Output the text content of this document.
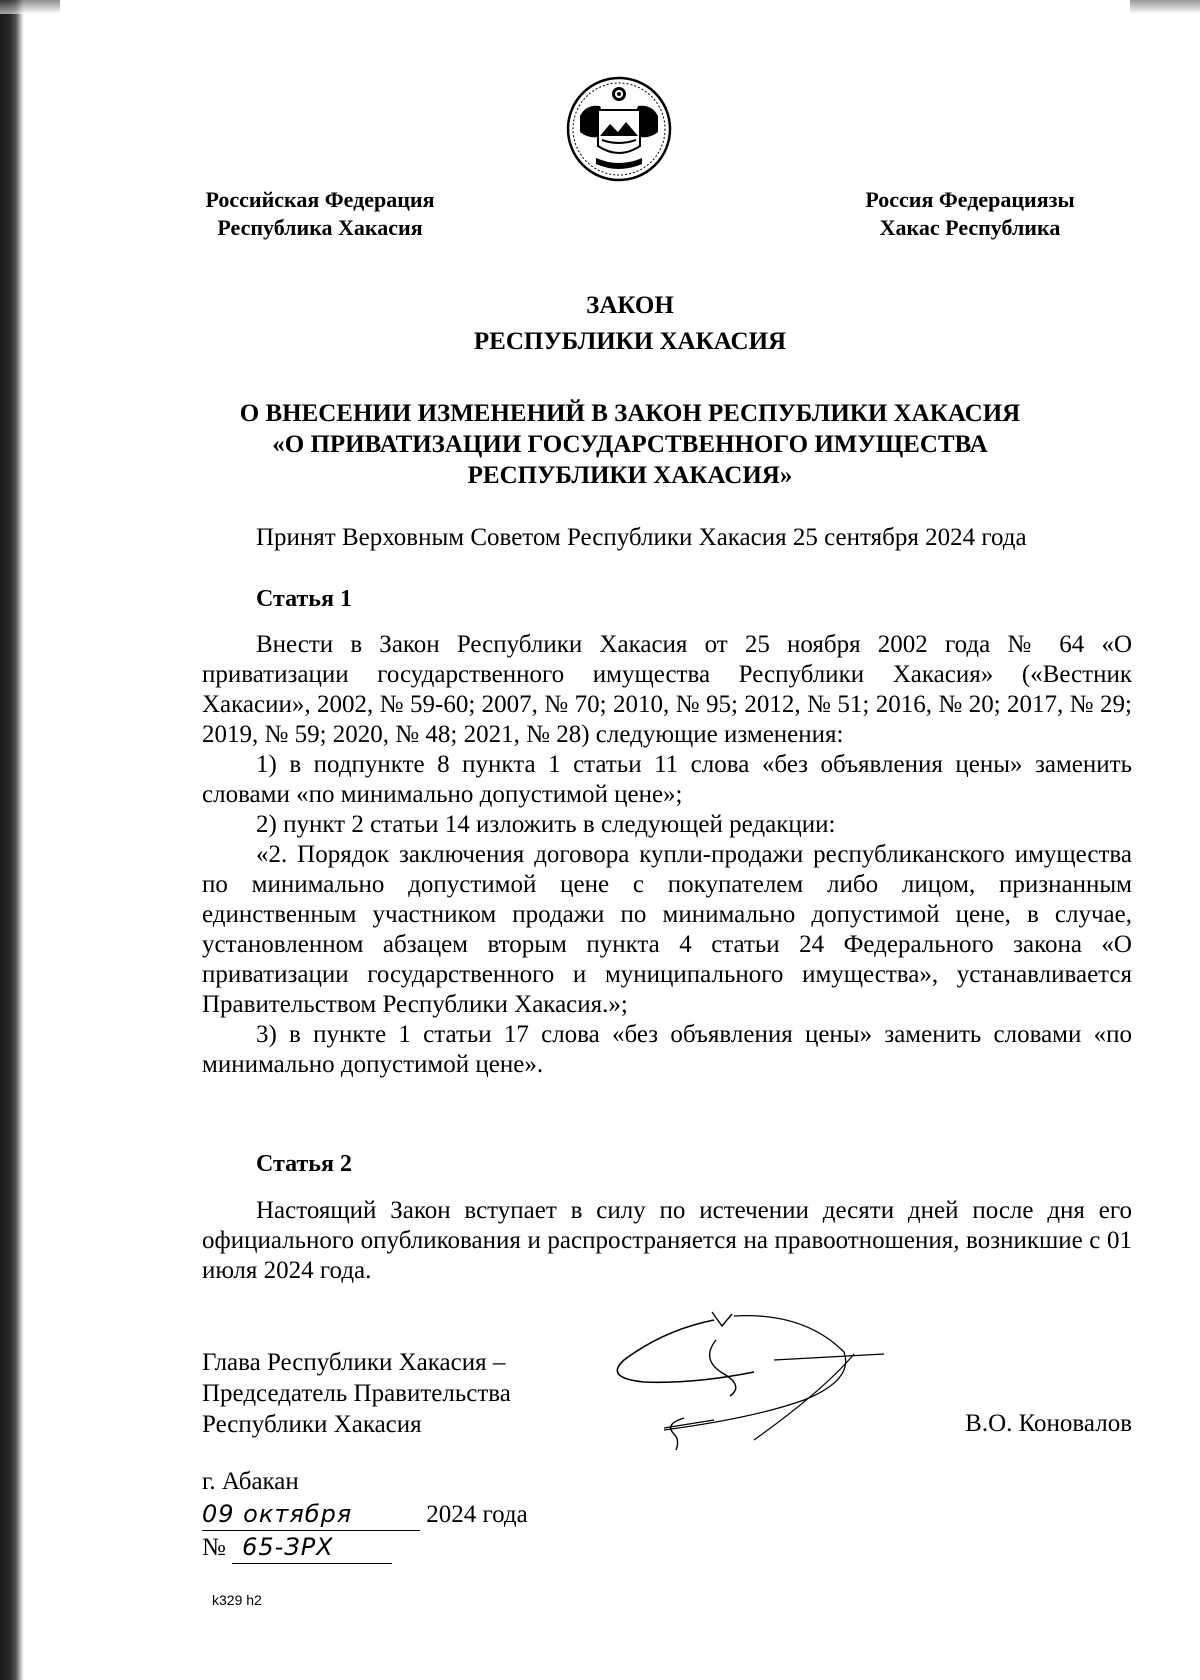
Российская Федерация
Республика Хакасия
Россия Федерациязы
Хакас Республика
ЗАКОН
РЕСПУБЛИКИ ХАКАСИЯ
О ВНЕСЕНИИ ИЗМЕНЕНИЙ В ЗАКОН РЕСПУБЛИКИ ХАКАСИЯ
«О ПРИВАТИЗАЦИИ ГОСУДАРСТВЕННОГО ИМУЩЕСТВА
РЕСПУБЛИКИ ХАКАСИЯ»
Принят Верховным Советом Республики Хакасия 25 сентября 2024 года
Статья 1

Внести в Закон Республики Хакасия от 25 ноября 2002 года № 64 «О приватизации государственного имущества Республики Хакасия» («Вестник Хакасии», 2002, № 59-60; 2007, № 70; 2010, № 95; 2012, № 51; 2016, № 20; 2017, № 29; 2019, № 59; 2020, № 48; 2021, № 28) следующие изменения:

1) в подпункте 8 пункта 1 статьи 11 слова «без объявления цены» заменить словами «по минимально допустимой цене»;

2) пункт 2 статьи 14 изложить в следующей редакции:

«2. Порядок заключения договора купли-продажи республиканского имущества по минимально допустимой цене с покупателем либо лицом, признанным единственным участником продажи по минимально допустимой цене, в случае, установленном абзацем вторым пункта 4 статьи 24 Федерального закона «О приватизации государственного и муниципального имущества», устанавливается Правительством Республики Хакасия.»;

3) в пункте 1 статьи 17 слова «без объявления цены» заменить словами «по минимально допустимой цене».

Статья 2

Настоящий Закон вступает в силу по истечении десяти дней после дня его официального опубликования и распространяется на правоотношения, возникшие с 01 июля 2024 года.

Глава Республики Хакасия –
Председатель Правительства
Республики Хакасия	В.О. Коновалов
г. Абакан
09 октября	2024 года
№ 65-ЗРХ
k329 h2
